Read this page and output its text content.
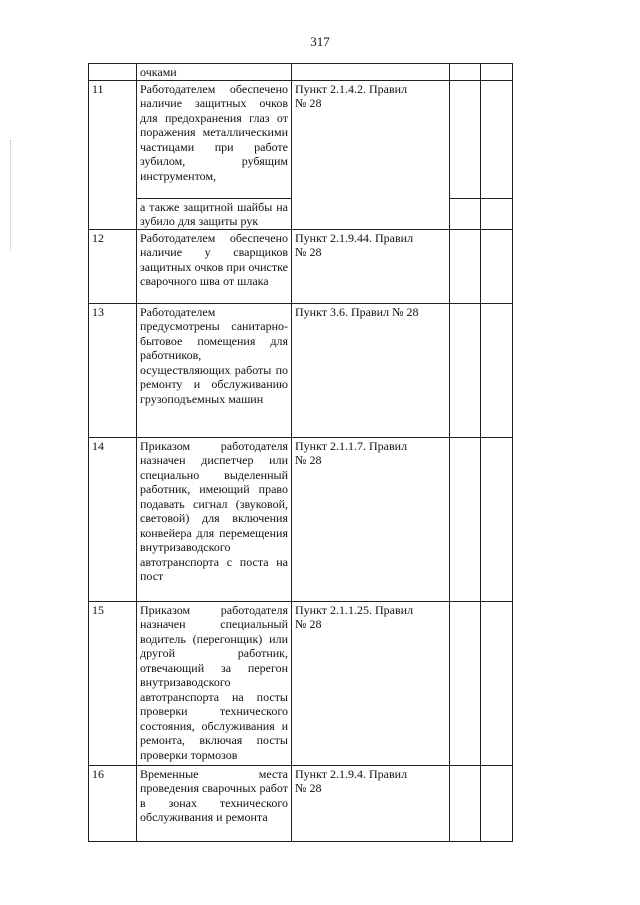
317
	очками			
11	Работодателем обеспечено наличие защитных очков для предохранения глаз от поражения металлическими частицами при работе зубилом, рубящим инструментом,	Пункт 2.1.4.2. Правил
№ 28		

	а также защитной шайбы на зубило для защиты рук			
12	Работодателем обеспечено наличие у сварщиков защитных очков при очистке сварочного шва от шлака	Пункт 2.1.9.44. Правил
№ 28		

13	Работодателем предусмотрены санитарно-бытовое помещения для работников, осуществляющих работы по ремонту и обслуживанию грузоподъемных машин	Пункт 3.6. Правил № 28		

14	Приказом работодателя назначен диспетчер или специально выделенный работник, имеющий право подавать сигнал (звуковой, световой) для включения конвейера для перемещения внутризаводского автотранспорта с поста на пост	Пункт 2.1.1.7. Правил
№ 28		

15	Приказом работодателя назначен специальный водитель (перегонщик) или другой работник, отвечающий за перегон внутризаводского автотранспорта на посты проверки технического состояния, обслуживания и ремонта, включая посты проверки тормозов	Пункт 2.1.1.25. Правил
№ 28		

16	Временные места проведения сварочных работ в зонах технического обслуживания и ремонта	Пункт 2.1.9.4. Правил
№ 28		
